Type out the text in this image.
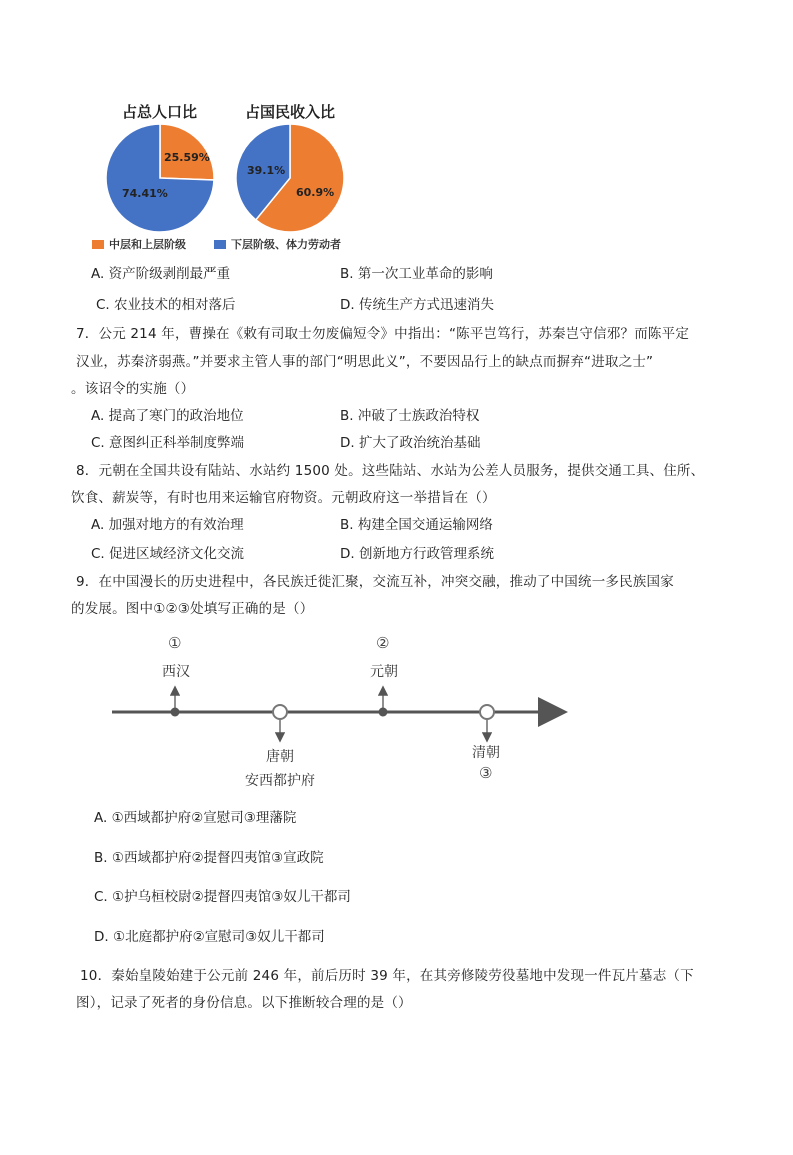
占总人口比	占国民收入比
25.59%
74.41%
39.1%
60.9%
中层和上层阶级	下层阶级、体力劳动者
A. 资产阶级剥削最严重	B. 第一次工业革命的影响
C. 农业技术的相对落后	D. 传统生产方式迅速消失
7．公元 214 年，曹操在《敕有司取士勿废偏短令》中指出：“陈平岂笃行，苏秦岂守信邪？而陈平定
汉业，苏秦济弱燕。”并要求主管人事的部门“明思此义”，不要因品行上的缺点而摒弃“进取之士”
。该诏令的实施（）
A. 提高了寒门的政治地位	B. 冲破了士族政治特权
C. 意图纠正科举制度弊端	D. 扩大了政治统治基础
8．元朝在全国共设有陆站、水站约 1500 处。这些陆站、水站为公差人员服务，提供交通工具、住所、
饮食、薪炭等，有时也用来运输官府物资。元朝政府这一举措旨在（）
A. 加强对地方的有效治理	B. 构建全国交通运输网络
C. 促进区域经济文化交流	D. 创新地方行政管理系统
9．在中国漫长的历史进程中，各民族迁徙汇聚，交流互补，冲突交融，推动了中国统一多民族国家
的发展。图中①②③处填写正确的是（）
①
西汉
②
元朝
唐朝
安西都护府
清朝
③
A. ①西域都护府②宣慰司③理藩院
B. ①西域都护府②提督四夷馆③宣政院
C. ①护乌桓校尉②提督四夷馆③奴儿干都司
D. ①北庭都护府②宣慰司③奴儿干都司
10．秦始皇陵始建于公元前 246 年，前后历时 39 年，在其旁修陵劳役墓地中发现一件瓦片墓志（下
图），记录了死者的身份信息。以下推断较合理的是（）
